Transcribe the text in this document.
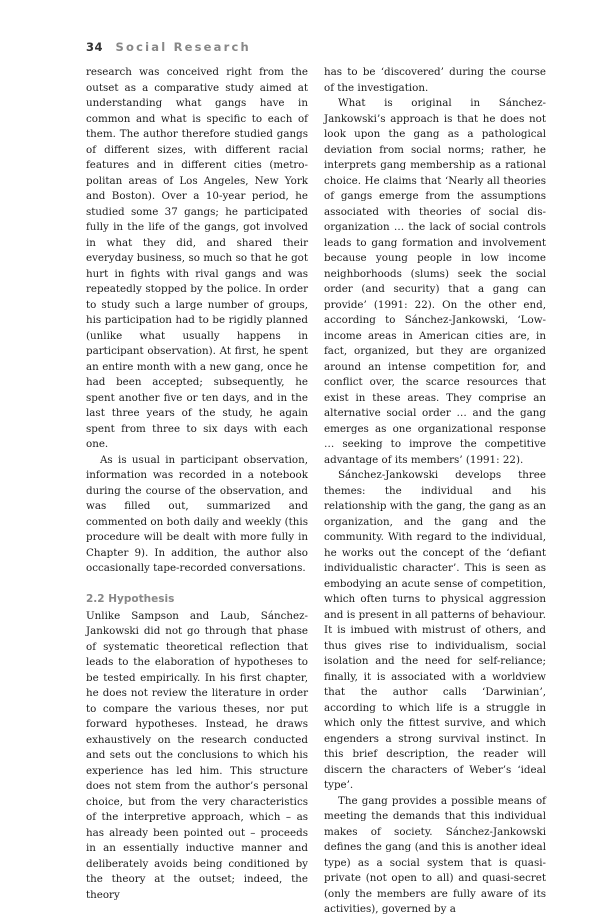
34 Social Research

research was conceived right from the outset as a comparative study aimed at understanding what gangs have in common and what is specific to each of them. The author therefore studied gangs of different sizes, with different racial features and in different cities (metropolitan areas of Los Angeles, New York and Boston). Over a 10-year period, he studied some 37 gangs; he participated fully in the life of the gangs, got involved in what they did, and shared their everyday business, so much so that he got hurt in fights with rival gangs and was repeatedly stopped by the police. In order to study such a large number of groups, his participation had to be rigidly planned (unlike what usually happens in participant observation). At first, he spent an entire month with a new gang, once he had been accepted; subsequently, he spent another five or ten days, and in the last three years of the study, he again spent from three to six days with each one.

As is usual in participant observation, information was recorded in a notebook during the course of the observation, and was filled out, summarized and commented on both daily and weekly (this procedure will be dealt with more fully in Chapter 9). In addition, the author also occasionally tape-recorded conversations.

2.2 Hypothesis

Unlike Sampson and Laub, Sánchez-Jankowski did not go through that phase of systematic theoretical reflection that leads to the elaboration of hypotheses to be tested empirically. In his first chapter, he does not review the literature in order to compare the various theses, nor put forward hypotheses. Instead, he draws exhaustively on the research conducted and sets out the conclusions to which his experience has led him. This structure does not stem from the author’s personal choice, but from the very characteristics of the interpretive approach, which – as has already been pointed out – proceeds in an essentially inductive manner and deliberately avoids being conditioned by the theory at the outset; indeed, the theory

has to be ‘discovered’ during the course of the investigation.

What is original in Sánchez-Jankowski’s approach is that he does not look upon the gang as a pathological deviation from social norms; rather, he interprets gang membership as a rational choice. He claims that ‘Nearly all theories of gangs emerge from the assumptions associated with theories of social disorganization … the lack of social controls leads to gang formation and involvement because young people in low income neighborhoods (slums) seek the social order (and security) that a gang can provide’ (1991: 22). On the other end, according to Sánchez-Jankowski, ‘Low-income areas in American cities are, in fact, organized, but they are organized around an intense competition for, and conflict over, the scarce resources that exist in these areas. They comprise an alternative social order … and the gang emerges as one organizational response … seeking to improve the competitive advantage of its members’ (1991: 22).

Sánchez-Jankowski develops three themes: the individual and his relationship with the gang, the gang as an organization, and the gang and the community. With regard to the individual, he works out the concept of the ‘defiant individualistic character’. This is seen as embodying an acute sense of competition, which often turns to physical aggression and is present in all patterns of behaviour. It is imbued with mistrust of others, and thus gives rise to individualism, social isolation and the need for self-reliance; finally, it is associated with a worldview that the author calls ‘Darwinian’, according to which life is a struggle in which only the fittest survive, and which engenders a strong survival instinct. In this brief description, the reader will discern the characters of Weber’s ‘ideal type’.

The gang provides a possible means of meeting the demands that this individual makes of society. Sánchez-Jankowski defines the gang (and this is another ideal type) as a social system that is quasi-private (not open to all) and quasi-secret (only the members are fully aware of its activities), governed by a
